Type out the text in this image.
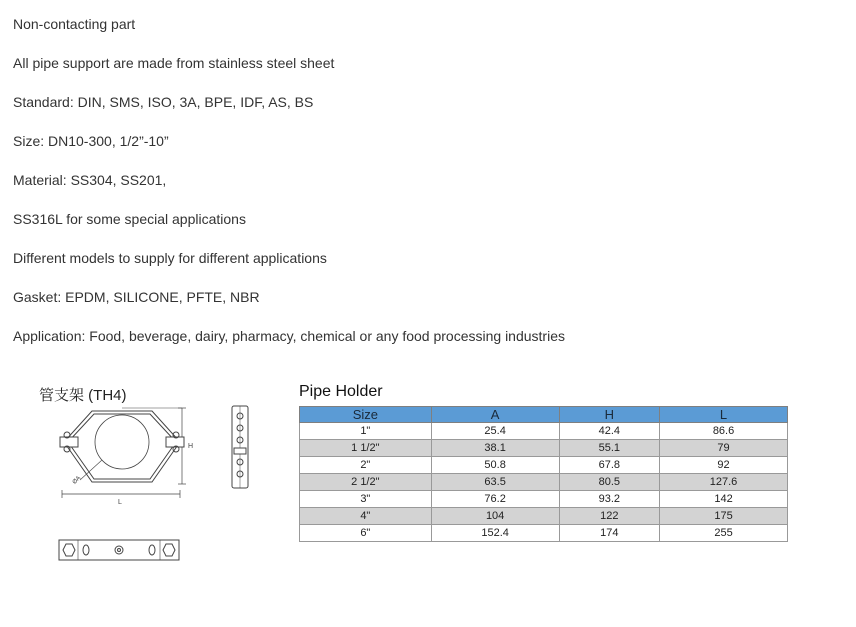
Non-contacting part
All pipe support are made from stainless steel sheet
Standard: DIN, SMS, ISO, 3A, BPE, IDF, AS, BS
Size: DN10-300, 1/2”-10”
Material: SS304, SS201,
SS316L for some special applications
Different models to supply for different applications
Gasket: EPDM, SILICONE, PFTE, NBR
Application: Food, beverage, dairy, pharmacy, chemical or any food processing industries
管支架 (TH4)
H
L
ØA
Pipe Holder
Size	A	H	L
1"	25.4	42.4	86.6
1 1/2"	38.1	55.1	79
2"	50.8	67.8	92
2 1/2"	63.5	80.5	127.6
3"	76.2	93.2	142
4"	104	122	175
6"	152.4	174	255
